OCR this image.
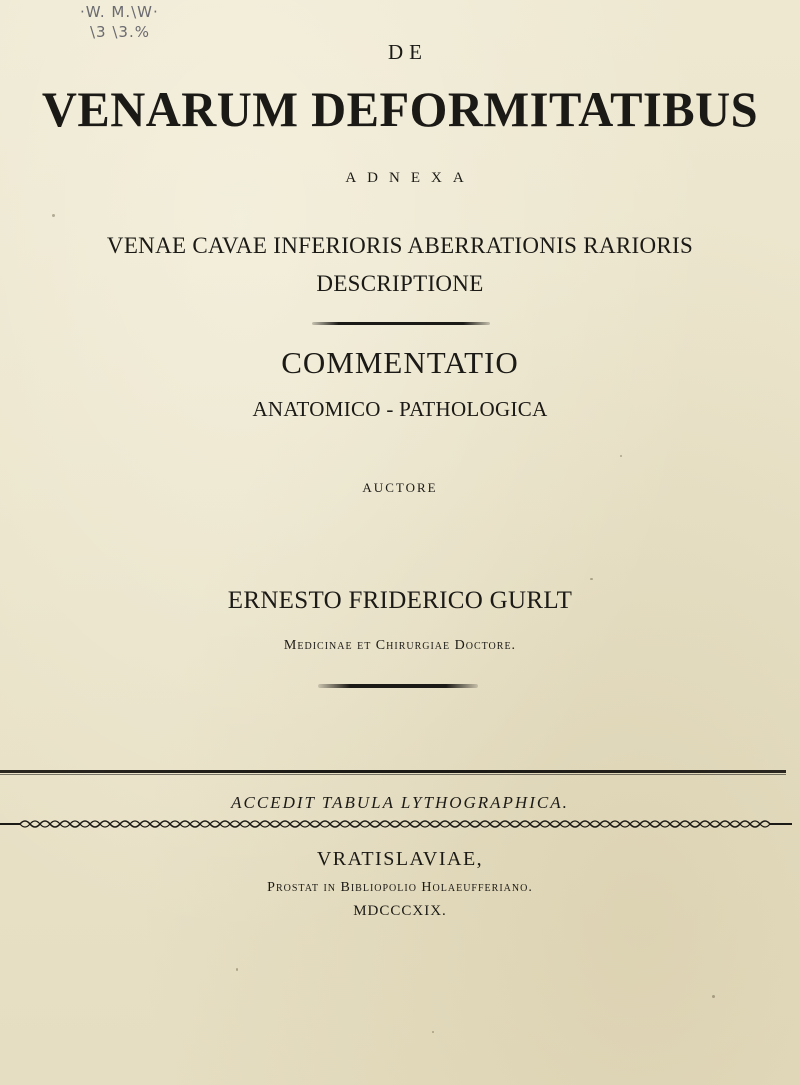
·W. M.\W·
\3 \3.%
DE
VENARUM DEFORMITATIBUS
ADNEXA
VENAE CAVAE INFERIORIS ABERRATIONIS RARIORIS
DESCRIPTIONE
COMMENTATIO
ANATOMICO - PATHOLOGICA
AUCTORE
ERNESTO FRIDERICO GURLT
Medicinae et Chirurgiae Doctore.
ACCEDIT TABULA LYTHOGRAPHICA.
VRATISLAVIAE,
Prostat in Bibliopolio Holaeufferiano.
MDCCCXIX.
